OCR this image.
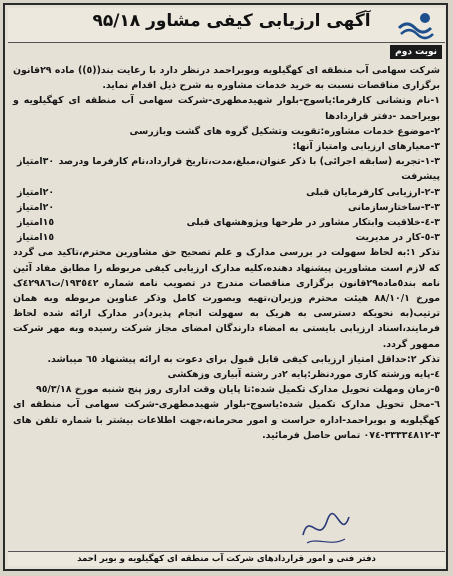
آگهی ارزیابی کیفی مشاور ۹۵/۱۸
نوبت دوم

شرکت سهامی آب منطقه ای کهگیلویه وبویراحمد درنظر دارد با رعایت بند((٥)) ماده ٢٩قانون برگزاری مناقصات نسبت به خرید خدمات مشاوره به شرح ذیل اقدام نماید.

١-نام ونشانی کارفرما:یاسوج-بلوار شهیدمطهری-شرکت سهامی آب منطقه ای کهگیلویه و بویراحمد -دفتر قراردادها

٢-موضوع خدمات مشاوره:تقویت وتشکیل گروه های گشت وبازرسی

٣-معیارهای ارزیابی وامتیاز آنها:

٣-١-تجربه (سابقه اجرائی) با ذکر عنوان،مبلغ،مدت،تاریخ قرارداد،نام کارفرما ودرصد پیشرفت
٣٠امتیاز
٣-٢-ارزیابی کارفرمایان قبلی
٢٠امتیاز
٣-٣-ساختارسازمانی
٢٠امتیاز
٣-٤-خلاقیت وابتکار مشاور در طرحها وپژوهشهای قبلی
١٥امتیاز
٣-٥-کار در مدیریت
١٥امتیاز

تذکر ١:به لحاظ سهولت در بررسی مدارک و علم تصحیح حق مشاورین محترم،تاکید می گردد که لازم است مشاورین پیشنهاد دهنده،کلیه مدارک ارزیابی کیفی مربوطه را مطابق مفاد آئین نامه بند٥ماده٢٩قانون برگزاری مناقصات مندرج در تصویب نامه شماره ١٩٣٥٤٢/ت٤٢٩٨٦ک مورخ ٨٨/١٠/١ هیئت محترم وزیران،تهیه وبصورت کامل وذکر عناوین مربوطه وبه همان ترتیب(به نحویکه دسترسی به هریک به سهولت انجام پذیرد)در مدارک ارائه شده لحاظ فرمایند،اسناد ارزیابی بایستی به امضاء دارندگان امضای مجاز شرکت رسیده وبه مهر شرکت ممهور گردد.

تذکر ٢:حداقل امتیاز ارزیابی کیفی قابل قبول برای دعوت به ارائه پیشنهاد ٦٥ میباشد.

٤-پایه ورشته کاری موردنظر:پایه ٢در رشته آبیاری وزهکشی

٥-زمان ومهلت تحویل مدارک تکمیل شده:تا پایان وقت اداری روز پنج شنبه مورخ ٩٥/٣/١٨

٦-محل تحویل مدارک تکمیل شده:یاسوج-بلوار شهیدمطهری-شرکت سهامی آب منطقه ای کهگیلویه و بویراحمد-اداره حراست و امور محرمانه،جهت اطلاعات بیشتر با شماره تلفن های ٣-٣٣٣٣٤٨١٢-٠٧٤ تماس حاصل فرمائید.

دفتر فنی و امور قراردادهای شرکت آب منطقه ای کهگیلویه و بویر احمد
